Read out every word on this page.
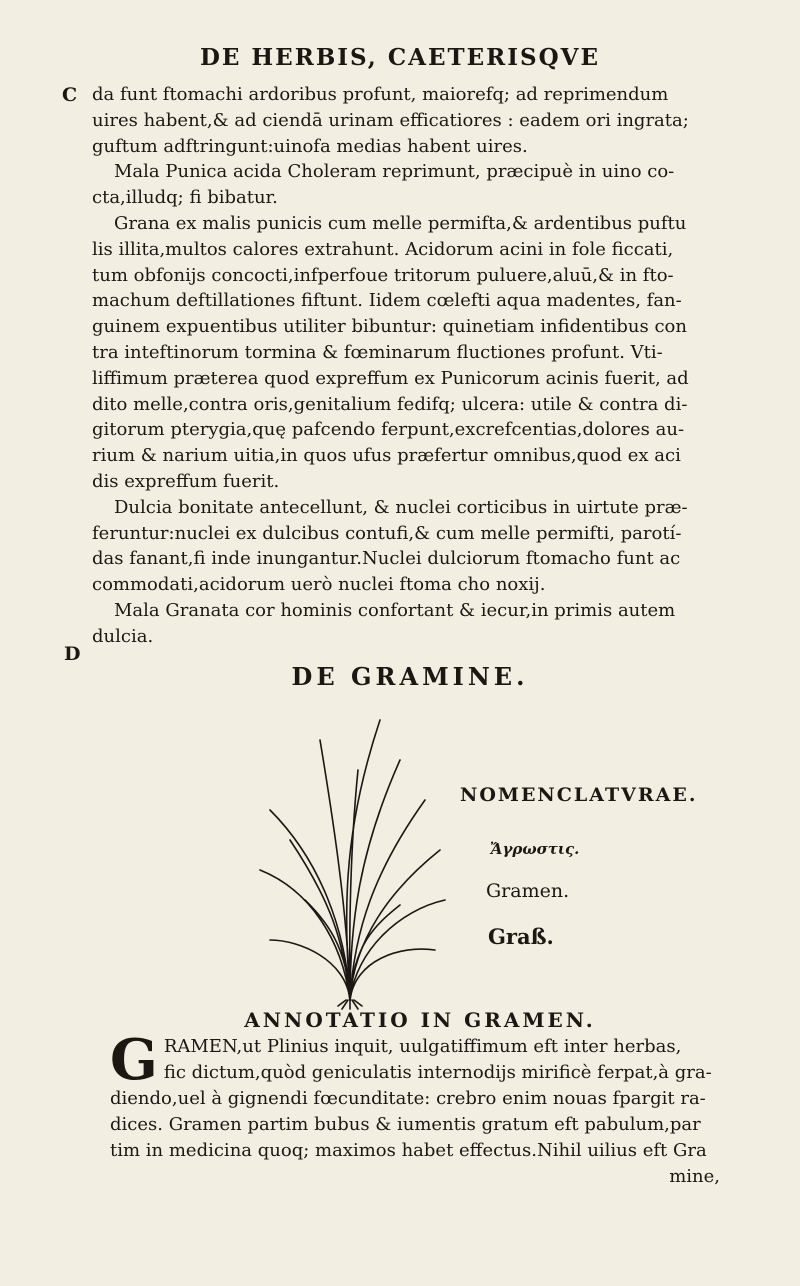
DE HERBIS, CAETERISQVE
C
D
da funt ftomachi ardoribus profunt, maiorefq; ad reprimendum
uires habent,& ad ciendā urinam efficatiores : eadem ori ingrata;
guftum adftringunt:uinofa medias habent uires.
Mala Punica acida Choleram reprimunt, præcipuè in uino co-
cta,illudq; fi bibatur.
Grana ex malis punicis cum melle permifta,& ardentibus puftu
lis illita,multos calores extrahunt. Acidorum acini in fole ficcati,
tum obfonijs concocti,infperfoue tritorum puluere,aluū,& in fto-
machum deftillationes fiftunt. Iidem cœlefti aqua madentes, fan-
guinem expuentibus utiliter bibuntur: quinetiam infidentibus con
tra inteftinorum tormina & fœminarum fluctiones profunt. Vti-
liffimum præterea quod expreffum ex Punicorum acinis fuerit, ad
dito melle,contra oris,genitalium fedifq; ulcera: utile & contra di-
gitorum pterygia,quę pafcendo ferpunt,excrefcentias,dolores au-
rium & narium uitia,in quos ufus præfertur omnibus,quod ex aci
dis expreffum fuerit.
Dulcia bonitate antecellunt, & nuclei corticibus in uirtute præ-
feruntur:nuclei ex dulcibus contufi,& cum melle permifti, parotí-
das fanant,fi inde inungantur.Nuclei dulciorum ftomacho funt ac
commodati,acidorum uerò nuclei ftoma cho noxij.
Mala Granata cor hominis confortant & iecur,in primis autem
dulcia.
DE GRAMINE.
NOMENCLATVRAE.
Ἄγρωστις.
Gramen.
Graß.
ANNOTATIO IN GRAMEN.
G RAMEN,ut Plinius inquit, uulgatiffimum eft inter herbas,
fic dictum,quòd geniculatis internodijs mirificè ferpat,à gra-
diendo,uel à gignendi fœcunditate: crebro enim nouas fpargit ra-
dices. Gramen partim bubus & iumentis gratum eft pabulum,par
tim in medicina quoq; maximos habet effectus.Nihil uilius eft Gra
mine,
